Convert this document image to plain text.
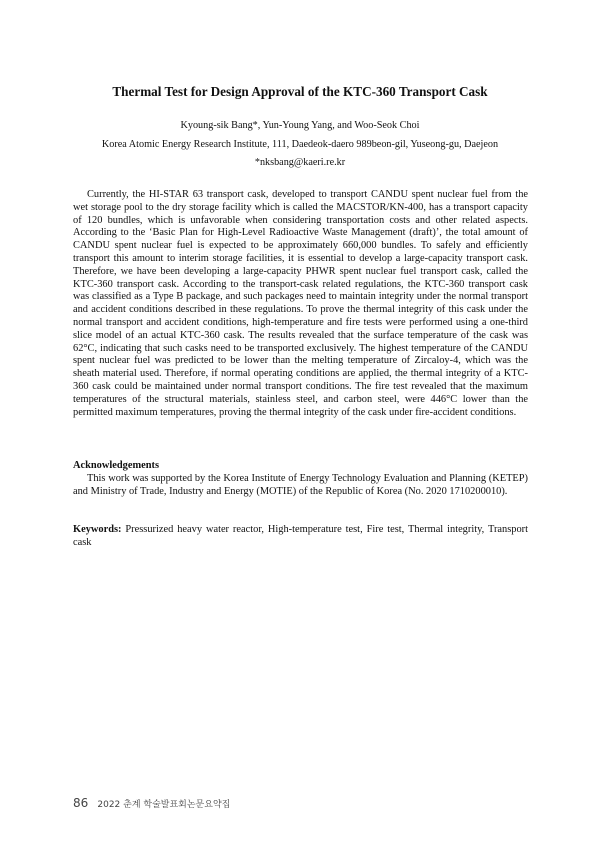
Thermal Test for Design Approval of the KTC-360 Transport Cask
Kyoung-sik Bang*, Yun-Young Yang, and Woo-Seok Choi
Korea Atomic Energy Research Institute, 111, Daedeok-daero 989beon-gil, Yuseong-gu, Daejeon
*nksbang@kaeri.re.kr

Currently, the HI-STAR 63 transport cask, developed to transport CANDU spent nuclear fuel from the wet storage pool to the dry storage facility which is called the MACSTOR/KN-400, has a transport capacity of 120 bundles, which is unfavorable when considering transportation costs and other related aspects. According to the ‘Basic Plan for High-Level Radioactive Waste Management (draft)’, the total amount of CANDU spent nuclear fuel is expected to be approximately 660,000 bundles. To safely and efficiently transport this amount to interim storage facilities, it is essential to develop a large-capacity transport cask. Therefore, we have been developing a large-capacity PHWR spent nuclear fuel transport cask, called the KTC-360 transport cask. According to the transport-cask related regulations, the KTC-360 transport cask was classified as a Type B package, and such packages need to maintain integrity under the normal transport and accident conditions described in these regulations. To prove the thermal integrity of this cask under the normal transport and accident conditions, high-temperature and fire tests were performed using a one-third slice model of an actual KTC-360 cask. The results revealed that the surface temperature of the cask was 62°C, indicating that such casks need to be transported exclusively. The highest temperature of the CANDU spent nuclear fuel was predicted to be lower than the melting temperature of Zircaloy-4, which was the sheath material used. Therefore, if normal operating conditions are applied, the thermal integrity of a KTC-360 cask could be maintained under normal transport conditions. The fire test revealed that the maximum temperatures of the structural materials, stainless steel, and carbon steel, were 446°C lower than the permitted maximum temperatures, proving the thermal integrity of the cask under fire-accident conditions.

Acknowledgements

This work was supported by the Korea Institute of Energy Technology Evaluation and Planning (KETEP) and Ministry of Trade, Industry and Energy (MOTIE) of the Republic of Korea (No. 2020 1710200010).

Keywords: Pressurized heavy water reactor, High-temperature test, Fire test, Thermal integrity, Transport cask

86 2022 춘계 학술발표회논문요약집
